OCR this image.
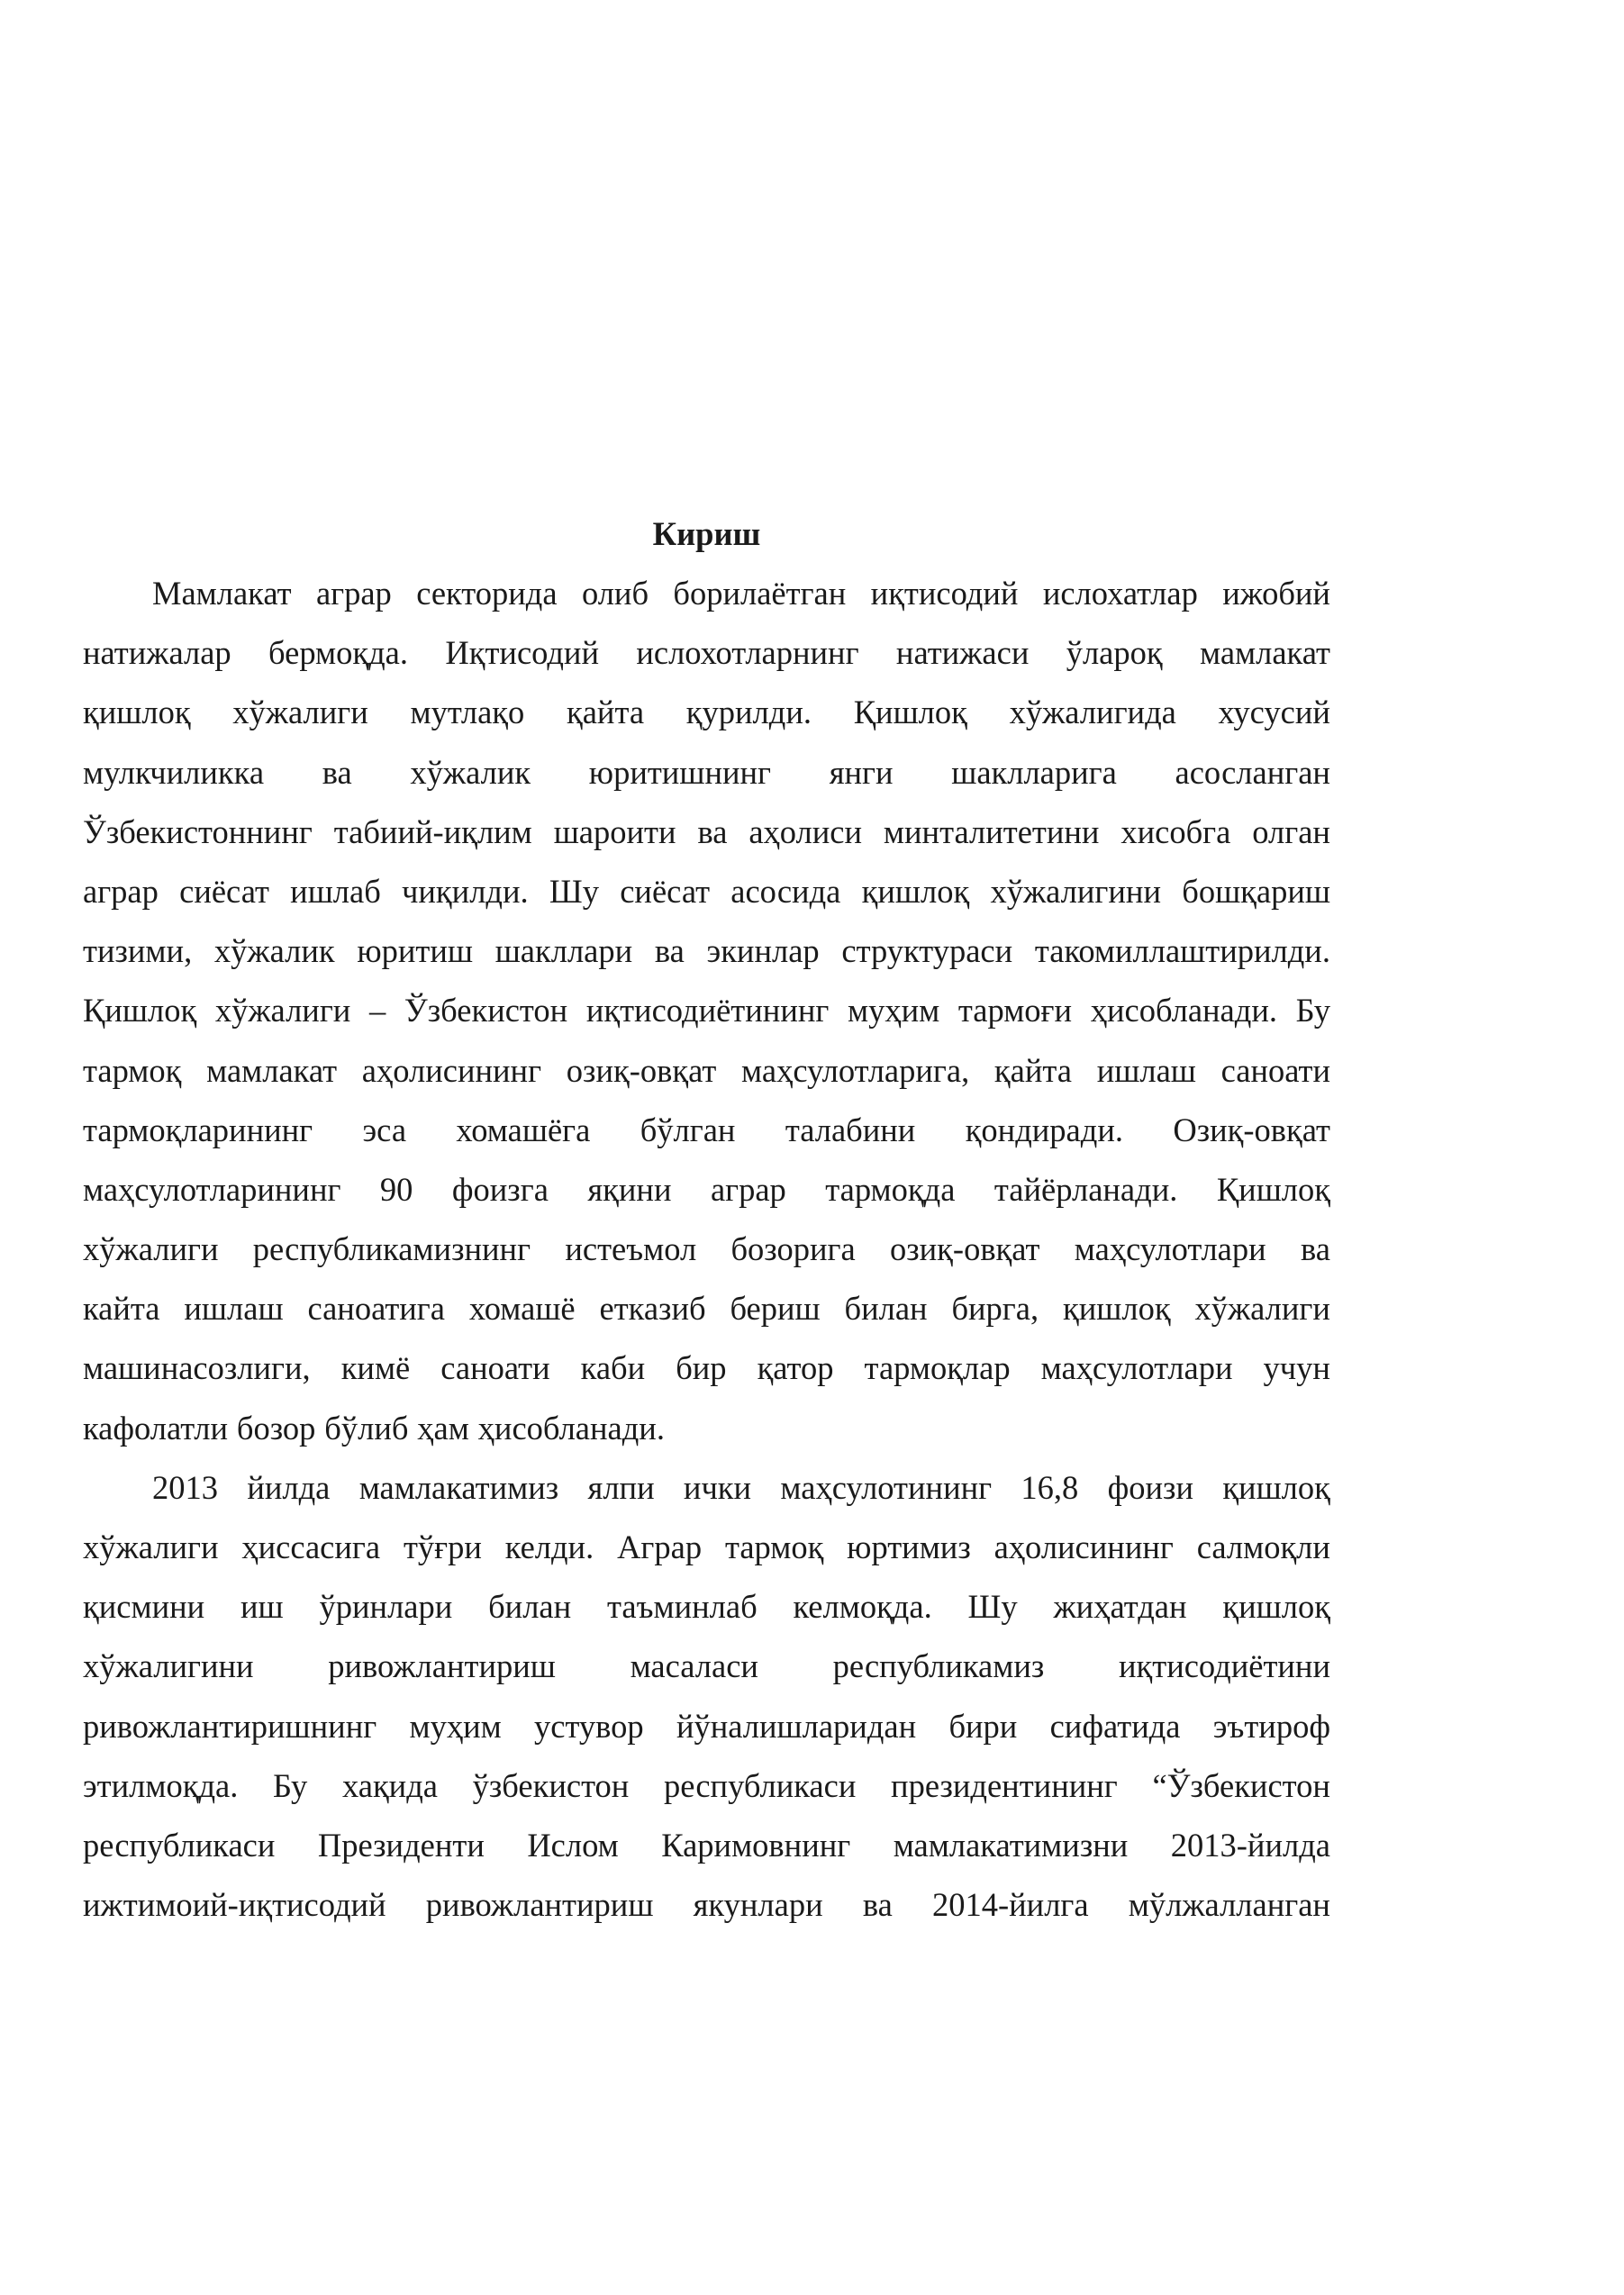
Кириш
Мамлакат аграр секторида олиб борилаётган иқтисодий ислохатлар ижобий
натижалар бермоқда. Иқтисодий ислохотларнинг натижаси ўлароқ мамлакат
қишлоқ хўжалиги мутлақо қайта қурилди. Қишлоқ хўжалигида хусусий
мулкчиликка ва хўжалик юритишнинг янги шаклларига асосланган
Ўзбекистоннинг табиий-иқлим шароити ва аҳолиси минталитетини хисобга олган
аграр сиёсат ишлаб чиқилди. Шу сиёсат асосида қишлоқ хўжалигини бошқариш
тизими, хўжалик юритиш шакллари ва экинлар структураси такомиллаштирилди.
Қишлоқ хўжалиги – Ўзбекистон иқтисодиётининг муҳим тармоғи ҳисобланади. Бу
тармоқ мамлакат аҳолисининг озиқ-овқат маҳсулотларига, қайта ишлаш саноати
тармоқларининг эса хомашёга бўлган талабини қондиради. Озиқ-овқат
маҳсулотларининг 90 фоизга яқини аграр тармоқда тайёрланади. Қишлоқ
хўжалиги республикамизнинг истеъмол бозорига озиқ-овқат маҳсулотлари ва
кайта ишлаш саноатига хомашё етказиб бериш билан бирга, қишлоқ хўжалиги
машинасозлиги, кимё саноати каби бир қатор тармоқлар маҳсулотлари учун
кафолатли бозор бўлиб ҳам ҳисобланади.
2013 йилда мамлакатимиз ялпи ички маҳсулотининг 16,8 фоизи қишлоқ
хўжалиги ҳиссасига тўғри келди. Аграр тармоқ юртимиз аҳолисининг салмоқли
қисмини иш ўринлари билан таъминлаб келмоқда. Шу жиҳатдан қишлоқ
хўжалигини ривожлантириш масаласи республикамиз иқтисодиётини
ривожлантиришнинг муҳим устувор йўналишларидан бири сифатида эътироф
этилмоқда. Бу хақида ўзбекистон республикаси президентининг “Ўзбекистон
республикаси Президенти Ислом Каримовнинг мамлакатимизни 2013-йилда
ижтимоий-иқтисодий ривожлантириш якунлари ва 2014-йилга мўлжалланган
